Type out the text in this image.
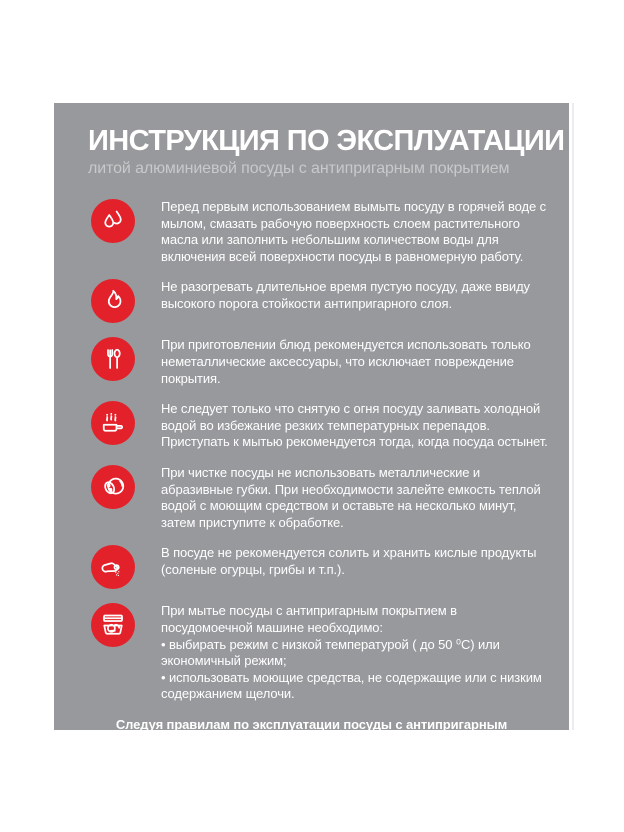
ИНСТРУКЦИЯ ПО ЭКСПЛУАТАЦИИ
литой алюминиевой посуды с антипригарным покрытием
Перед первым использованием вымыть посуду в горячей воде с мылом, смазать рабочую поверхность слоем растительного масла или заполнить небольшим количеством воды для включения всей поверхности посуды в равномерную работу.
Не разогревать длительное время пустую посуду, даже ввиду высокого порога стойкости антипригарного слоя.
При приготовлении блюд рекомендуется использовать только неметаллические аксессуары, что исключает повреждение покрытия.
Не следует только что снятую с огня посуду заливать холодной водой во избежание резких температурных перепадов. Приступать к мытью рекомендуется тогда, когда посуда остынет.
При чистке посуды не использовать металлические и абразивные губки. При необходимости залейте емкость теплой водой с моющим средством и оставьте на несколько минут, затем приступите к обработке.
В посуде не рекомендуется солить и хранить кислые продукты (соленые огурцы, грибы и т.п.).
При мытье посуды с антипригарным покрытием в посудомоечной машине необходимо:
• выбирать режим с низкой температурой ( до 50 ⁰С) или экономичный режим;
• использовать моющие средства, не содержащие или с низким содержанием щелочи.
Следуя правилам по эксплуатации посуды с антипригарным покрытием,
удастся сохранить ее функциональные и эстетические качества
на долгие годы.
